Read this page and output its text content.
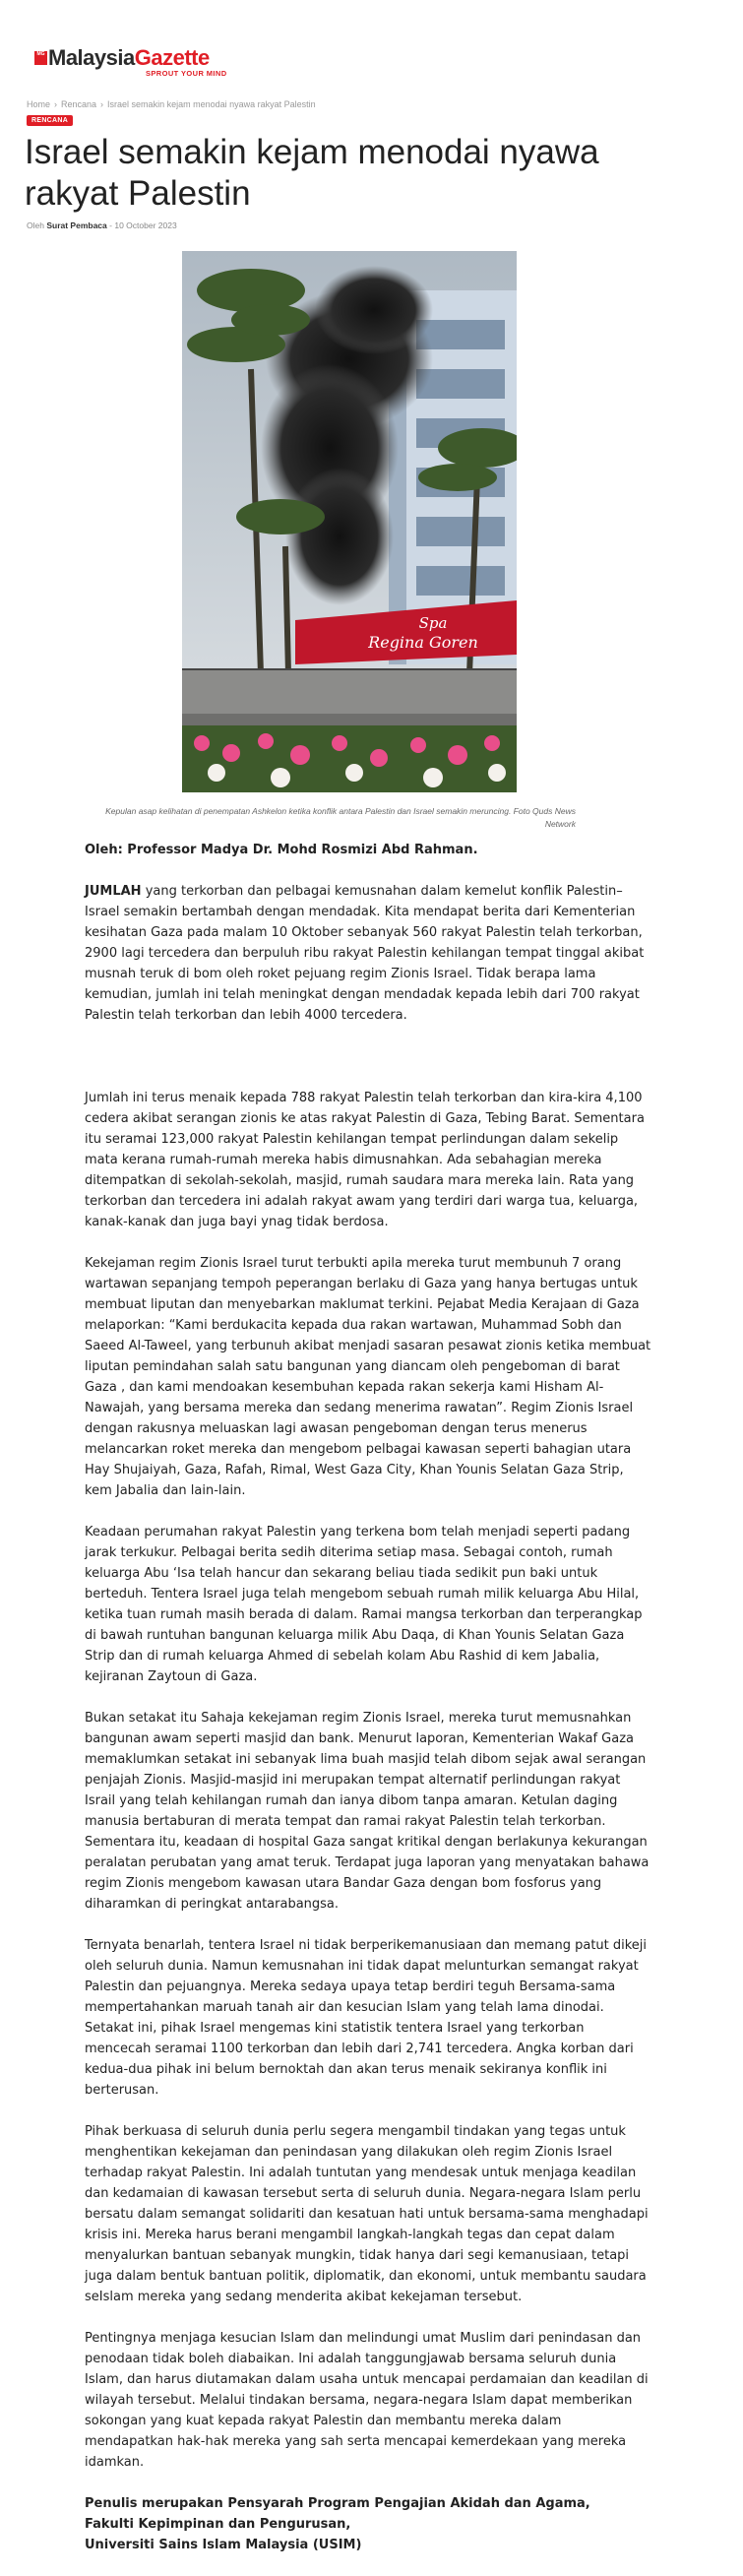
MG MalaysiaGazette
SPROUT YOUR MIND
Home › Rencana › Israel semakin kejam menodai nyawa rakyat Palestin
RENCANA
Israel semakin kejam menodai nyawa rakyat Palestin
Oleh Surat Pembaca - 10 October 2023
Spa
Regina Goren
Kepulan asap kelihatan di penempatan Ashkelon ketika konflik antara Palestin dan Israel semakin meruncing. Foto Quds News Network

Oleh: Professor Madya Dr. Mohd Rosmizi Abd Rahman.

JUMLAH yang terkorban dan pelbagai kemusnahan dalam kemelut konflik Palestin–Israel semakin bertambah dengan mendadak. Kita mendapat berita dari Kementerian kesihatan Gaza pada malam 10 Oktober sebanyak 560 rakyat Palestin telah terkorban, 2900 lagi tercedera dan berpuluh ribu rakyat Palestin kehilangan tempat tinggal akibat musnah teruk di bom oleh roket pejuang regim Zionis Israel. Tidak berapa lama kemudian, jumlah ini telah meningkat dengan mendadak kepada lebih dari 700 rakyat Palestin telah terkorban dan lebih 4000 tercedera.

Jumlah ini terus menaik kepada 788 rakyat Palestin telah terkorban dan kira-kira 4,100 cedera akibat serangan zionis ke atas rakyat Palestin di Gaza, Tebing Barat. Sementara itu seramai 123,000 rakyat Palestin kehilangan tempat perlindungan dalam sekelip mata kerana rumah-rumah mereka habis dimusnahkan. Ada sebahagian mereka ditempatkan di sekolah-sekolah, masjid, rumah saudara mara mereka lain. Rata yang terkorban dan tercedera ini adalah rakyat awam yang terdiri dari warga tua, keluarga, kanak-kanak dan juga bayi ynag tidak berdosa.

Kekejaman regim Zionis Israel turut terbukti apila mereka turut membunuh 7 orang wartawan sepanjang tempoh peperangan berlaku di Gaza yang hanya bertugas untuk membuat liputan dan menyebarkan maklumat terkini. Pejabat Media Kerajaan di Gaza melaporkan: “Kami berdukacita kepada dua rakan wartawan, Muhammad Sobh dan Saeed Al-Taweel, yang terbunuh akibat menjadi sasaran pesawat zionis ketika membuat liputan pemindahan salah satu bangunan yang diancam oleh pengeboman di barat Gaza , dan kami mendoakan kesembuhan kepada rakan sekerja kami Hisham Al-Nawajah, yang bersama mereka dan sedang menerima rawatan”. Regim Zionis Israel dengan rakusnya meluaskan lagi awasan pengeboman dengan terus menerus melancarkan roket mereka dan mengebom pelbagai kawasan seperti bahagian utara Hay Shujaiyah, Gaza, Rafah, Rimal, West Gaza City, Khan Younis Selatan Gaza Strip, kem Jabalia dan lain-lain.

Keadaan perumahan rakyat Palestin yang terkena bom telah menjadi seperti padang jarak terkukur. Pelbagai berita sedih diterima setiap masa. Sebagai contoh, rumah keluarga Abu ‘Isa telah hancur dan sekarang beliau tiada sedikit pun baki untuk berteduh. Tentera Israel juga telah mengebom sebuah rumah milik keluarga Abu Hilal, ketika tuan rumah masih berada di dalam. Ramai mangsa terkorban dan terperangkap di bawah runtuhan bangunan keluarga milik Abu Daqa, di Khan Younis Selatan Gaza Strip dan di rumah keluarga Ahmed di sebelah kolam Abu Rashid di kem Jabalia, kejiranan Zaytoun di Gaza.

Bukan setakat itu Sahaja kekejaman regim Zionis Israel, mereka turut memusnahkan bangunan awam seperti masjid dan bank. Menurut laporan, Kementerian Wakaf Gaza memaklumkan setakat ini sebanyak lima buah masjid telah dibom sejak awal serangan penjajah Zionis. Masjid-masjid ini merupakan tempat alternatif perlindungan rakyat Israil yang telah kehilangan rumah dan ianya dibom tanpa amaran. Ketulan daging manusia bertaburan di merata tempat dan ramai rakyat Palestin telah terkorban. Sementara itu, keadaan di hospital Gaza sangat kritikal dengan berlakunya kekurangan peralatan perubatan yang amat teruk. Terdapat juga laporan yang menyatakan bahawa regim Zionis mengebom kawasan utara Bandar Gaza dengan bom fosforus yang diharamkan di peringkat antarabangsa.

Ternyata benarlah, tentera Israel ni tidak berperikemanusiaan dan memang patut dikeji oleh seluruh dunia. Namun kemusnahan ini tidak dapat melunturkan semangat rakyat Palestin dan pejuangnya. Mereka sedaya upaya tetap berdiri teguh Bersama-sama mempertahankan maruah tanah air dan kesucian Islam yang telah lama dinodai. Setakat ini, pihak Israel mengemas kini statistik tentera Israel yang terkorban mencecah seramai 1100 terkorban dan lebih dari 2,741 tercedera. Angka korban dari kedua-dua pihak ini belum bernoktah dan akan terus menaik sekiranya konflik ini berterusan.

Pihak berkuasa di seluruh dunia perlu segera mengambil tindakan yang tegas untuk menghentikan kekejaman dan penindasan yang dilakukan oleh regim Zionis Israel terhadap rakyat Palestin. Ini adalah tuntutan yang mendesak untuk menjaga keadilan dan kedamaian di kawasan tersebut serta di seluruh dunia. Negara-negara Islam perlu bersatu dalam semangat solidariti dan kesatuan hati untuk bersama-sama menghadapi krisis ini. Mereka harus berani mengambil langkah-langkah tegas dan cepat dalam menyalurkan bantuan sebanyak mungkin, tidak hanya dari segi kemanusiaan, tetapi juga dalam bentuk bantuan politik, diplomatik, dan ekonomi, untuk membantu saudara seIslam mereka yang sedang menderita akibat kekejaman tersebut.

Pentingnya menjaga kesucian Islam dan melindungi umat Muslim dari penindasan dan penodaan tidak boleh diabaikan. Ini adalah tanggungjawab bersama seluruh dunia Islam, dan harus diutamakan dalam usaha untuk mencapai perdamaian dan keadilan di wilayah tersebut. Melalui tindakan bersama, negara-negara Islam dapat memberikan sokongan yang kuat kepada rakyat Palestin dan membantu mereka dalam mendapatkan hak-hak mereka yang sah serta mencapai kemerdekaan yang mereka idamkan.

Penulis merupakan Pensyarah Program Pengajian Akidah dan Agama,
Fakulti Kepimpinan dan Pengurusan,
Universiti Sains Islam Malaysia (USIM)
